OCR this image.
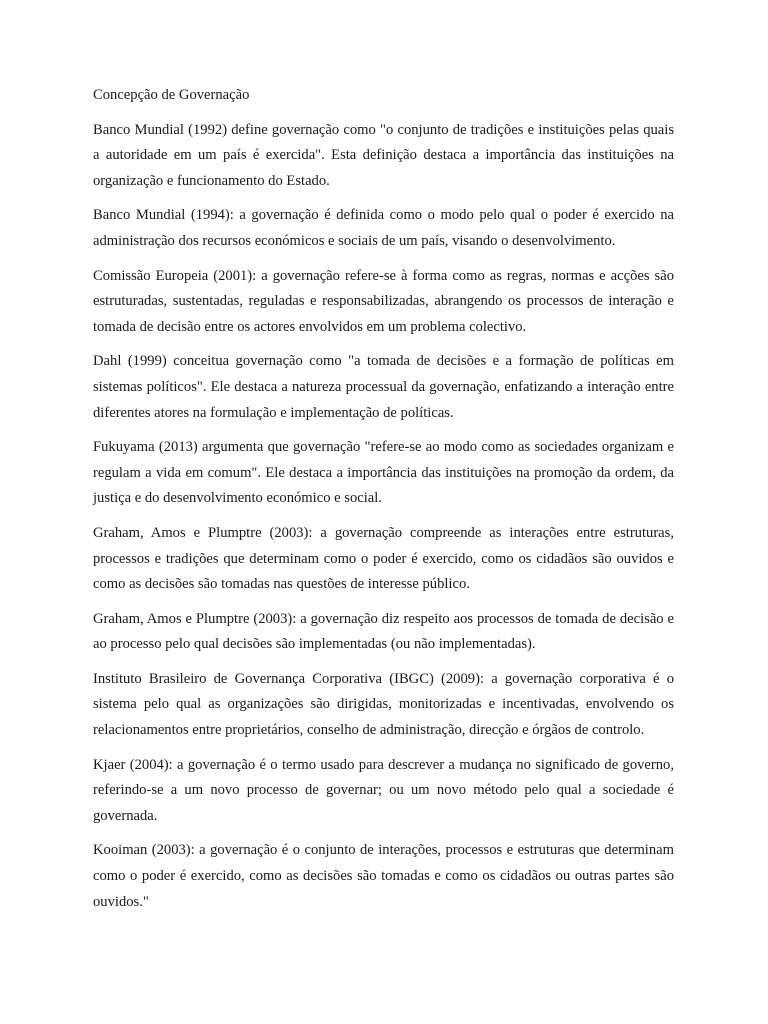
Concepção de Governação

Banco Mundial (1992) define governação como "o conjunto de tradições e instituições pelas quais a autoridade em um país é exercida". Esta definição destaca a importância das instituições na organização e funcionamento do Estado.

Banco Mundial (1994): a governação é definida como o modo pelo qual o poder é exercido na administração dos recursos económicos e sociais de um país, visando o desenvolvimento.

Comissão Europeia (2001): a governação refere-se à forma como as regras, normas e acções são estruturadas, sustentadas, reguladas e responsabilizadas, abrangendo os processos de interação e tomada de decisão entre os actores envolvidos em um problema colectivo.

Dahl (1999) conceitua governação como "a tomada de decisões e a formação de políticas em sistemas políticos". Ele destaca a natureza processual da governação, enfatizando a interação entre diferentes atores na formulação e implementação de políticas.

Fukuyama (2013) argumenta que governação "refere-se ao modo como as sociedades organizam e regulam a vida em comum". Ele destaca a importância das instituições na promoção da ordem, da justiça e do desenvolvimento económico e social.

Graham, Amos e Plumptre (2003): a governação compreende as interações entre estruturas, processos e tradições que determinam como o poder é exercido, como os cidadãos são ouvidos e como as decisões são tomadas nas questões de interesse público.

Graham, Amos e Plumptre (2003): a governação diz respeito aos processos de tomada de decisão e ao processo pelo qual decisões são implementadas (ou não implementadas).

Instituto Brasileiro de Governança Corporativa (IBGC) (2009): a governação corporativa é o sistema pelo qual as organizações são dirigidas, monitorizadas e incentivadas, envolvendo os relacionamentos entre proprietários, conselho de administração, direcção e órgãos de controlo.

Kjaer (2004): a governação é o termo usado para descrever a mudança no significado de governo, referindo-se a um novo processo de governar; ou um novo método pelo qual a sociedade é governada.

Kooiman (2003): a governação é o conjunto de interações, processos e estruturas que determinam como o poder é exercido, como as decisões são tomadas e como os cidadãos ou outras partes são ouvidos."
